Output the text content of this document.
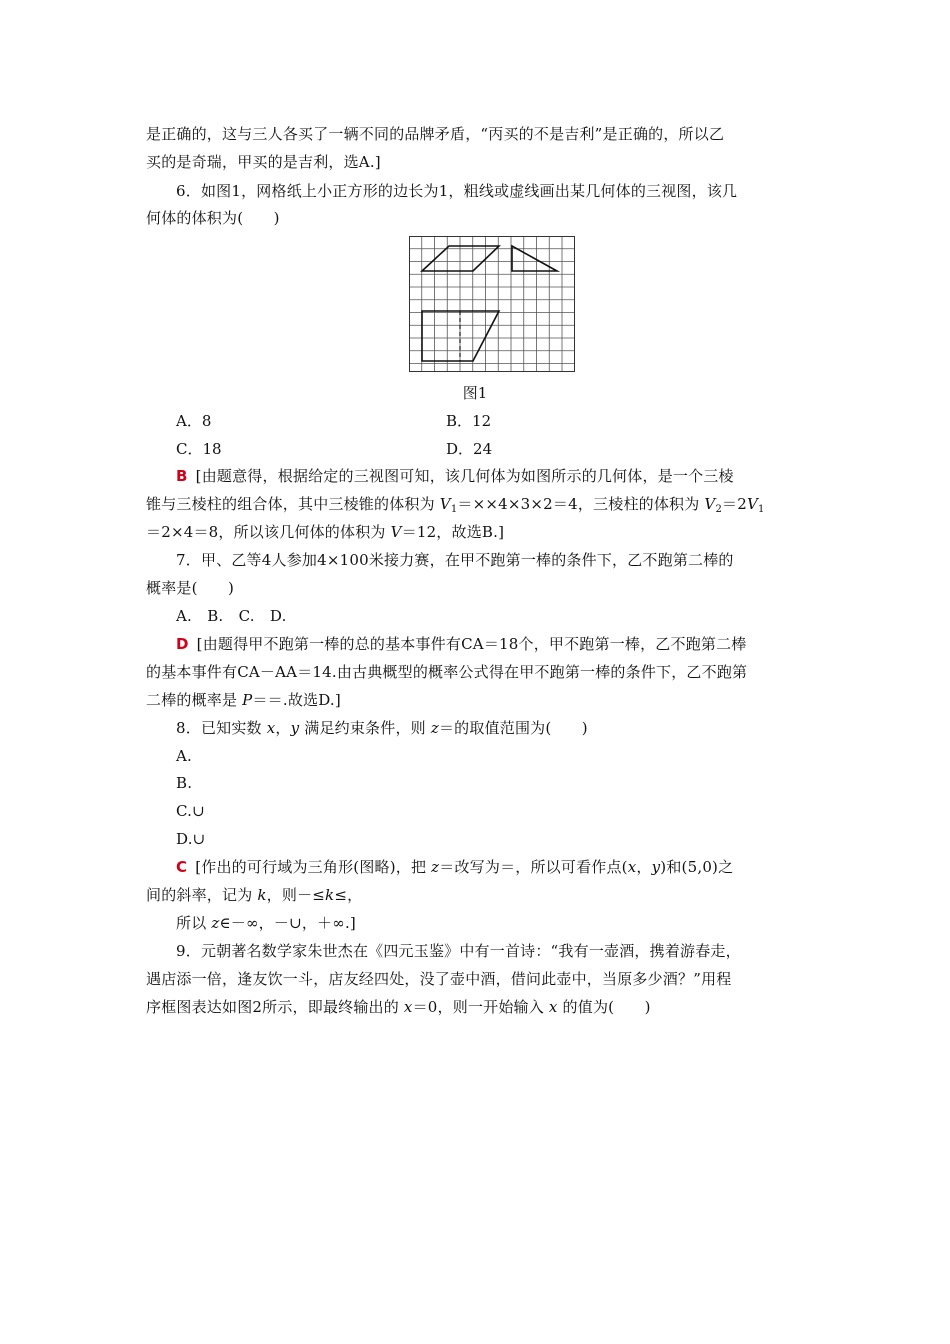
是正确的，这与三人各买了一辆不同的品牌矛盾，“丙买的不是吉利”是正确的，所以乙
买的是奇瑞，甲买的是吉利，选A.]
6．如图1，网格纸上小正方形的边长为1，粗线或虚线画出某几何体的三视图，该几
何体的体积为(　　)
图1
A．8	B．12
C．18	D．24
B [由题意得，根据给定的三视图可知，该几何体为如图所示的几何体，是一个三棱
锥与三棱柱的组合体，其中三棱锥的体积为 $V_1=\times\times 4\times 3\times 2=4$，三棱柱的体积为 $V_2=2V_1$
＝2×4＝8，所以该几何体的体积为 V＝12，故选B.]
7．甲、乙等4人参加4×100米接力赛，在甲不跑第一棒的条件下，乙不跑第二棒的
概率是(　　)
A.　B.　C.　D.
D [由题得甲不跑第一棒的总的基本事件有CA＝18个，甲不跑第一棒，乙不跑第二棒
的基本事件有CA－AA＝14.由古典概型的概率公式得在甲不跑第一棒的条件下，乙不跑第
二棒的概率是 P＝＝.故选D.]
8．已知实数 x，y 满足约束条件，则 z＝的取值范围为(　　)
A.
B.
C.∪
D.∪
C [作出的可行域为三角形(图略)，把 z＝改写为＝，所以可看作点(x，y)和(5,0)之
间的斜率，记为 k，则－≤k≤，
所以 z∈－∞，－∪，＋∞.]
9．元朝著名数学家朱世杰在《四元玉鉴》中有一首诗：“我有一壶酒，携着游春走，
遇店添一倍，逢友饮一斗，店友经四处，没了壶中酒，借问此壶中，当原多少酒？”用程
序框图表达如图2所示，即最终输出的 x＝0，则一开始输入 x 的值为(　　)
